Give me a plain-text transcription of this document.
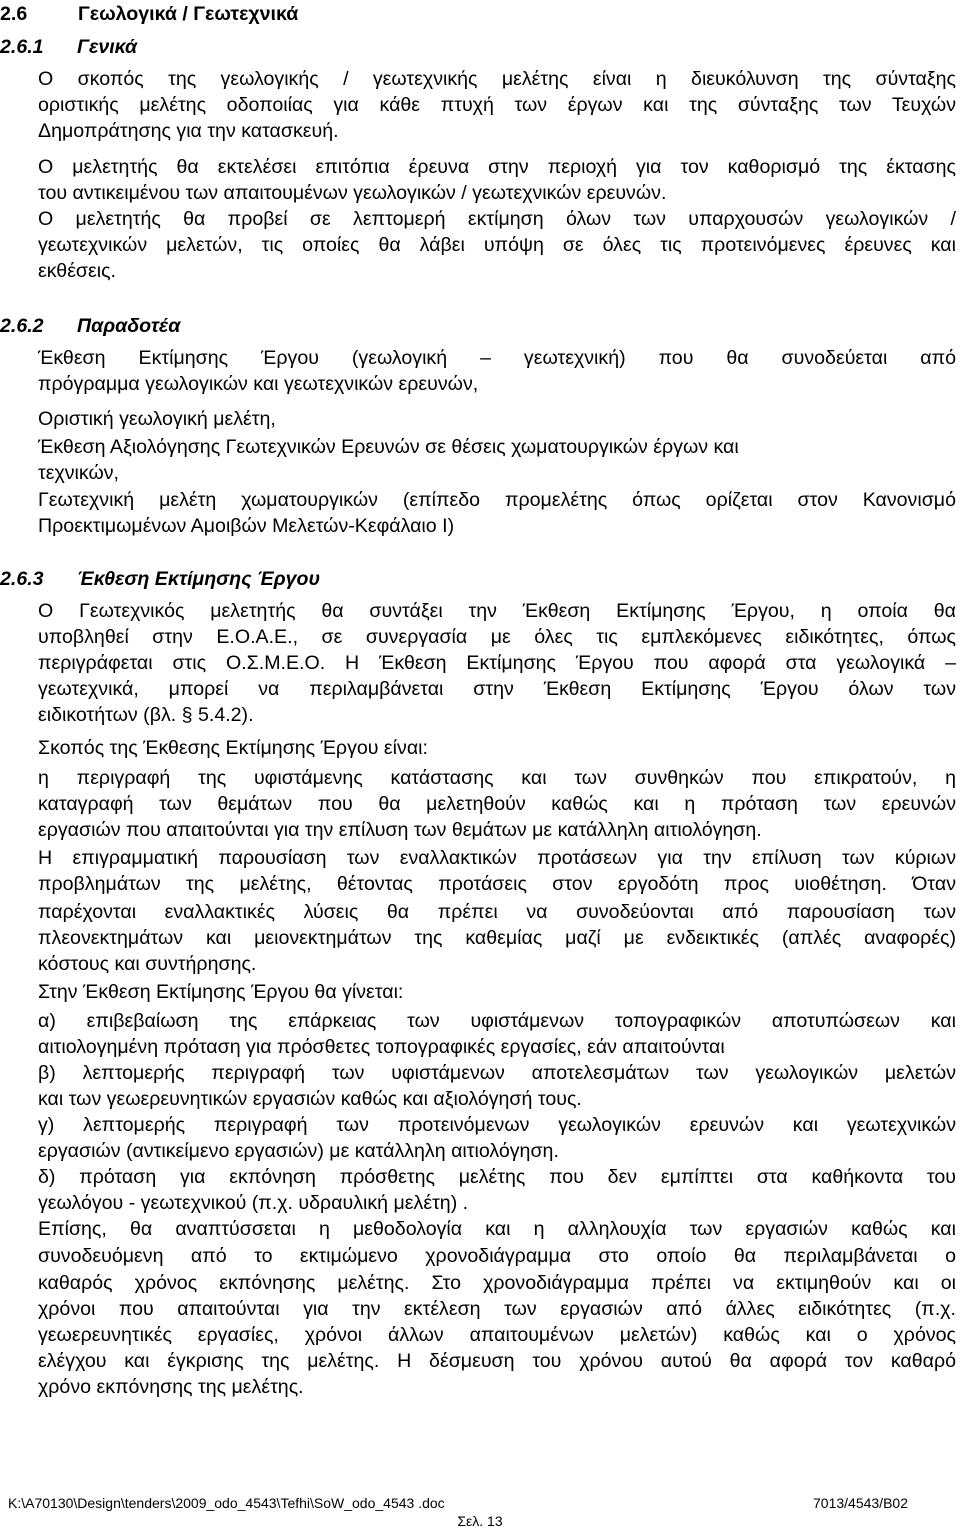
2.6	Γεωλογικά / Γεωτεχνικά
2.6.1 Γενικά
Ο σκοπός της γεωλογικής / γεωτεχνικής μελέτης είναι η διευκόλυνση της σύνταξης
οριστικής μελέτης οδοποιίας για κάθε πτυχή των έργων και της σύνταξης των Τευχών
Δημοπράτησης για την κατασκευή.
Ο μελετητής θα εκτελέσει επιτόπια έρευνα στην περιοχή για τον καθορισμό της έκτασης
του αντικειμένου των απαιτουμένων γεωλογικών / γεωτεχνικών ερευνών.
Ο μελετητής θα προβεί σε λεπτομερή εκτίμηση όλων των υπαρχουσών γεωλογικών /
γεωτεχνικών μελετών, τις οποίες θα λάβει υπόψη σε όλες τις προτεινόμενες έρευνες και
εκθέσεις.
2.6.2 Παραδοτέα
Έκθεση Εκτίμησης Έργου (γεωλογική – γεωτεχνική) που θα συνοδεύεται από
πρόγραμμα γεωλογικών και γεωτεχνικών ερευνών,
Οριστική γεωλογική μελέτη,
Έκθεση Αξιολόγησης Γεωτεχνικών Ερευνών σε θέσεις χωματουργικών έργων και
τεχνικών,
Γεωτεχνική μελέτη χωματουργικών (επίπεδο προμελέτης όπως ορίζεται στον Κανονισμό
Προεκτιμωμένων Αμοιβών Μελετών-Κεφάλαιο Ι)
2.6.3 Έκθεση Εκτίμησης Έργου
Ο Γεωτεχνικός μελετητής θα συντάξει την Έκθεση Εκτίμησης Έργου, η οποία θα
υποβληθεί στην Ε.Ο.Α.Ε., σε συνεργασία με όλες τις εμπλεκόμενες ειδικότητες, όπως
περιγράφεται στις Ο.Σ.Μ.Ε.Ο. Η Έκθεση Εκτίμησης Έργου που αφορά στα γεωλογικά –
γεωτεχνικά, μπορεί να περιλαμβάνεται στην Έκθεση Εκτίμησης Έργου όλων των
ειδικοτήτων (βλ. § 5.4.2).
Σκοπός της Έκθεσης Εκτίμησης Έργου είναι:
η περιγραφή της υφιστάμενης κατάστασης και των συνθηκών που επικρατούν, η
καταγραφή των θεμάτων που θα μελετηθούν καθώς και η πρόταση των ερευνών
εργασιών που απαιτούνται για την επίλυση των θεμάτων με κατάλληλη αιτιολόγηση.
Η επιγραμματική παρουσίαση των εναλλακτικών προτάσεων για την επίλυση των κύριων
προβλημάτων της μελέτης, θέτοντας προτάσεις στον εργοδότη προς υιοθέτηση. Όταν
παρέχονται εναλλακτικές λύσεις θα πρέπει να συνοδεύονται από παρουσίαση των
πλεονεκτημάτων και μειονεκτημάτων της καθεμίας μαζί με ενδεικτικές (απλές αναφορές)
κόστους και συντήρησης.
Στην Έκθεση Εκτίμησης Έργου θα γίνεται:
α) επιβεβαίωση της επάρκειας των υφιστάμενων τοπογραφικών αποτυπώσεων και
αιτιολογημένη πρόταση για πρόσθετες τοπογραφικές εργασίες, εάν απαιτούνται
β) λεπτομερής περιγραφή των υφιστάμενων αποτελεσμάτων των γεωλογικών μελετών
και των γεωερευνητικών εργασιών καθώς και αξιολόγησή τους.
γ) λεπτομερής περιγραφή των προτεινόμενων γεωλογικών ερευνών και γεωτεχνικών
εργασιών (αντικείμενο εργασιών) με κατάλληλη αιτιολόγηση.
δ) πρόταση για εκπόνηση πρόσθετης μελέτης που δεν εμπίπτει στα καθήκοντα του
γεωλόγου - γεωτεχνικού (π.χ. υδραυλική μελέτη) .
Επίσης, θα αναπτύσσεται η μεθοδολογία και η αλληλουχία των εργασιών καθώς και
συνοδευόμενη από το εκτιμώμενο χρονοδιάγραμμα στο οποίο θα περιλαμβάνεται ο
καθαρός χρόνος εκπόνησης μελέτης. Στο χρονοδιάγραμμα πρέπει να εκτιμηθούν και οι
χρόνοι που απαιτούνται για την εκτέλεση των εργασιών από άλλες ειδικότητες (π.χ.
γεωερευνητικές εργασίες, χρόνοι άλλων απαιτουμένων μελετών) καθώς και ο χρόνος
ελέγχου και έγκρισης της μελέτης. Η δέσμευση του χρόνου αυτού θα αφορά τον καθαρό
χρόνο εκπόνησης της μελέτης.
K:\A70130\Design\tenders\2009_odo_4543\Tefhi\SoW_odo_4543 .doc	7013/4543/B02
Σελ. 13
